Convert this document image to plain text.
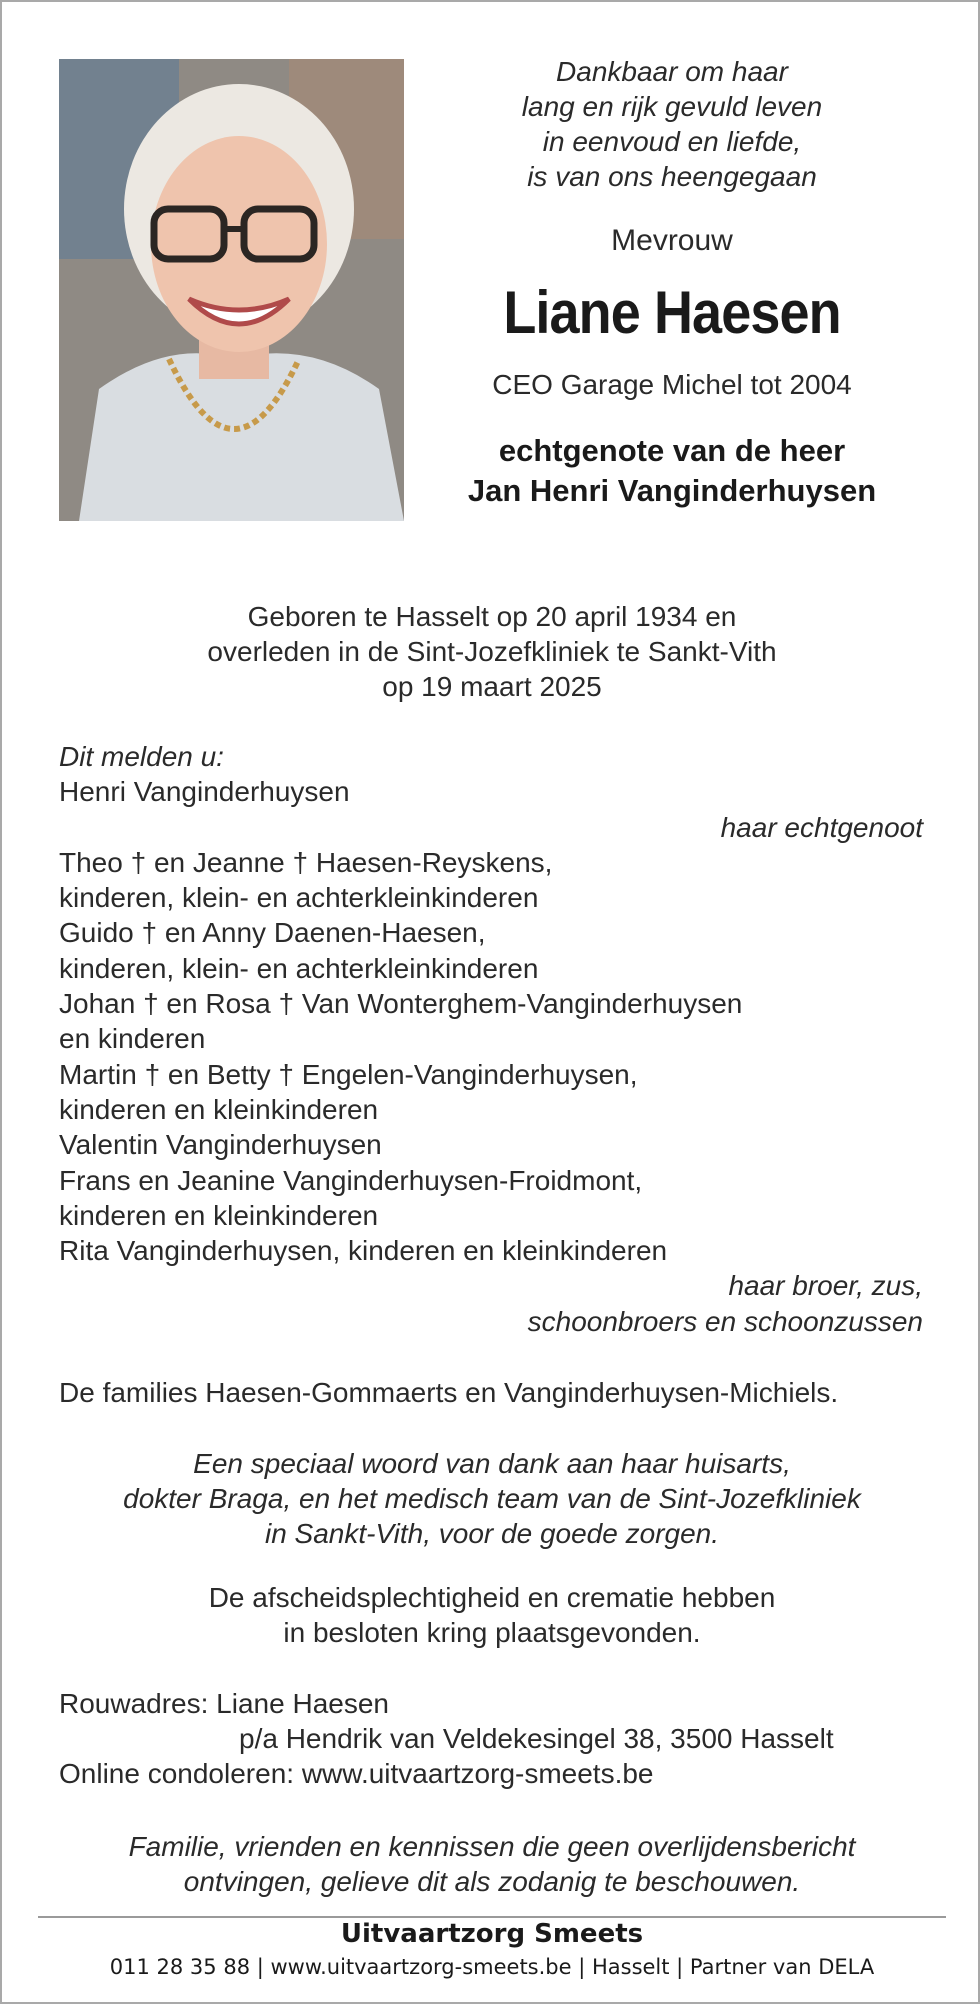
Dankbaar om haar
lang en rijk gevuld leven
in eenvoud en liefde,
is van ons heengegaan
Mevrouw
Liane Haesen
CEO Garage Michel tot 2004
echtgenote van de heer
Jan Henri Vanginderhuysen
Geboren te Hasselt op 20 april 1934 en
overleden in de Sint-Jozefkliniek te Sankt-Vith
op 19 maart 2025
Dit melden u:
Henri Vanginderhuysen
haar echtgenoot
Theo † en Jeanne † Haesen-Reyskens,
kinderen, klein- en achterkleinkinderen
Guido † en Anny Daenen-Haesen,
kinderen, klein- en achterkleinkinderen
Johan † en Rosa † Van Wonterghem-Vanginderhuysen
en kinderen
Martin † en Betty † Engelen-Vanginderhuysen,
kinderen en kleinkinderen
Valentin Vanginderhuysen
Frans en Jeanine Vanginderhuysen-Froidmont,
kinderen en kleinkinderen
Rita Vanginderhuysen, kinderen en kleinkinderen
haar broer, zus,
schoonbroers en schoonzussen
De families Haesen-Gommaerts en Vanginderhuysen-Michiels.
Een speciaal woord van dank aan haar huisarts,
dokter Braga, en het medisch team van de Sint-Jozefkliniek
in Sankt-Vith, voor de goede zorgen.
De afscheidsplechtigheid en crematie hebben
in besloten kring plaatsgevonden.
Rouwadres: Liane Haesen
p/a Hendrik van Veldekesingel 38, 3500 Hasselt
Online condoleren: www.uitvaartzorg-smeets.be
Familie, vrienden en kennissen die geen overlijdensbericht
ontvingen, gelieve dit als zodanig te beschouwen.
Uitvaartzorg Smeets
011 28 35 88 | www.uitvaartzorg-smeets.be | Hasselt | Partner van DELA
